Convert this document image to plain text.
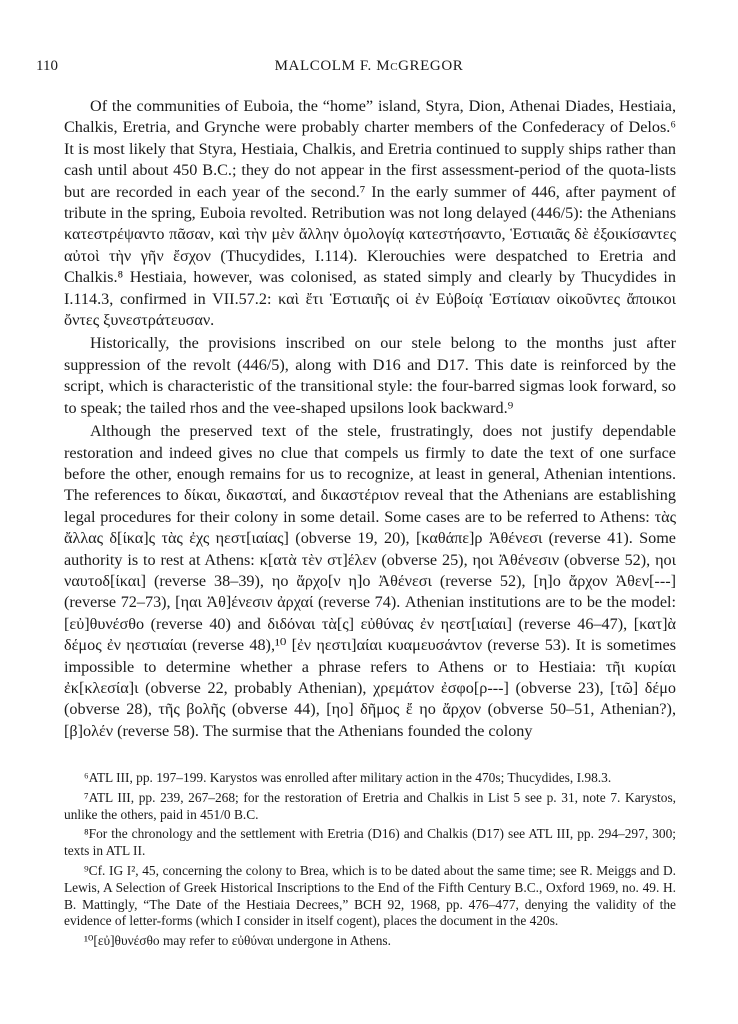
110	MALCOLM F. McGREGOR

Of the communities of Euboia, the “home” island, Styra, Dion, Athenai Diades, Hestiaia, Chalkis, Eretria, and Grynche were probably charter members of the Confederacy of Delos.⁶ It is most likely that Styra, Hestiaia, Chalkis, and Eretria continued to supply ships rather than cash until about 450 B.C.; they do not appear in the first assessment-period of the quota-lists but are recorded in each year of the second.⁷ In the early summer of 446, after payment of tribute in the spring, Euboia revolted. Retribution was not long delayed (446/5): the Athenians κατεστρέψαντο πᾶσαν, καὶ τὴν μὲν ἄλλην ὁμολογίᾳ κατεστήσαντο, Ἑστιαιᾶς δὲ ἐξοικίσαντες αὐτοὶ τὴν γῆν ἔσχον (Thucydides, I.114). Klerouchies were despatched to Eretria and Chalkis.⁸ Hestiaia, however, was colonised, as stated simply and clearly by Thucydides in I.114.3, confirmed in VII.57.2: καὶ ἔτι Ἑστιαιῆς οἱ ἐν Εὐβοίᾳ Ἑστίαιαν οἰκοῦντες ἄποικοι ὄντες ξυνεστράτευσαν.

Historically, the provisions inscribed on our stele belong to the months just after suppression of the revolt (446/5), along with D16 and D17. This date is reinforced by the script, which is characteristic of the transitional style: the four-barred sigmas look forward, so to speak; the tailed rhos and the vee-shaped upsilons look backward.⁹

Although the preserved text of the stele, frustratingly, does not justify dependable restoration and indeed gives no clue that compels us firmly to date the text of one surface before the other, enough remains for us to recognize, at least in general, Athenian intentions. The references to δίκαι, δικασταί, and δικαστέριον reveal that the Athenians are establishing legal procedures for their colony in some detail. Some cases are to be referred to Athens: τὰς ἄλλας δ[ίκα]ς τὰς ἐχς ηεστ[ιαίας] (obverse 19, 20), [καθάπε]ρ Ἀθένεσι (reverse 41). Some authority is to rest at Athens: κ[ατὰ τὲν στ]έλεν (obverse 25), ηοι Ἀθένεσιν (obverse 52), ηοι ναυτοδ[ίκαι] (reverse 38–39), ηο ἄρχο[ν η]ο Ἀθένεσι (reverse 52), [η]ο ἄρχον Ἀθεν[---] (reverse 72–73), [ηαι Ἀθ]ένεσιν ἀρχαί (reverse 74). Athenian institutions are to be the model: [εὐ]θυνέσθο (reverse 40) and διδόναι τὰ[ς] εὐθύνας ἐν ηεστ[ιαίαι] (reverse 46–47), [κατ]ὰ δέμος ἐν ηεστιαίαι (reverse 48),¹⁰ [ἐν ηεστι]αίαι κυαμευσάντον (reverse 53). It is sometimes impossible to determine whether a phrase refers to Athens or to Hestiaia: τῆι κυρίαι ἐκ[κλεσία]ι (obverse 22, probably Athenian), χρεμάτον ἐσφο[ρ---] (obverse 23), [τῶ] δέμο (obverse 28), τῆς βολῆς (obverse 44), [ηο] δῆμος ἔ ηο ἄρχον (obverse 50–51, Athenian?), [β]ολέν (reverse 58). The surmise that the Athenians founded the colony

⁶ATL III, pp. 197–199. Karystos was enrolled after military action in the 470s; Thucydides, I.98.3.

⁷ATL III, pp. 239, 267–268; for the restoration of Eretria and Chalkis in List 5 see p. 31, note 7. Karystos, unlike the others, paid in 451/0 B.C.

⁸For the chronology and the settlement with Eretria (D16) and Chalkis (D17) see ATL III, pp. 294–297, 300; texts in ATL II.

⁹Cf. IG I², 45, concerning the colony to Brea, which is to be dated about the same time; see R. Meiggs and D. Lewis, A Selection of Greek Historical Inscriptions to the End of the Fifth Century B.C., Oxford 1969, no. 49. H. B. Mattingly, “The Date of the Hestiaia Decrees,” BCH 92, 1968, pp. 476–477, denying the validity of the evidence of letter-forms (which I consider in itself cogent), places the document in the 420s.

¹⁰[εὐ]θυνέσθο may refer to εὐθύναι undergone in Athens.
